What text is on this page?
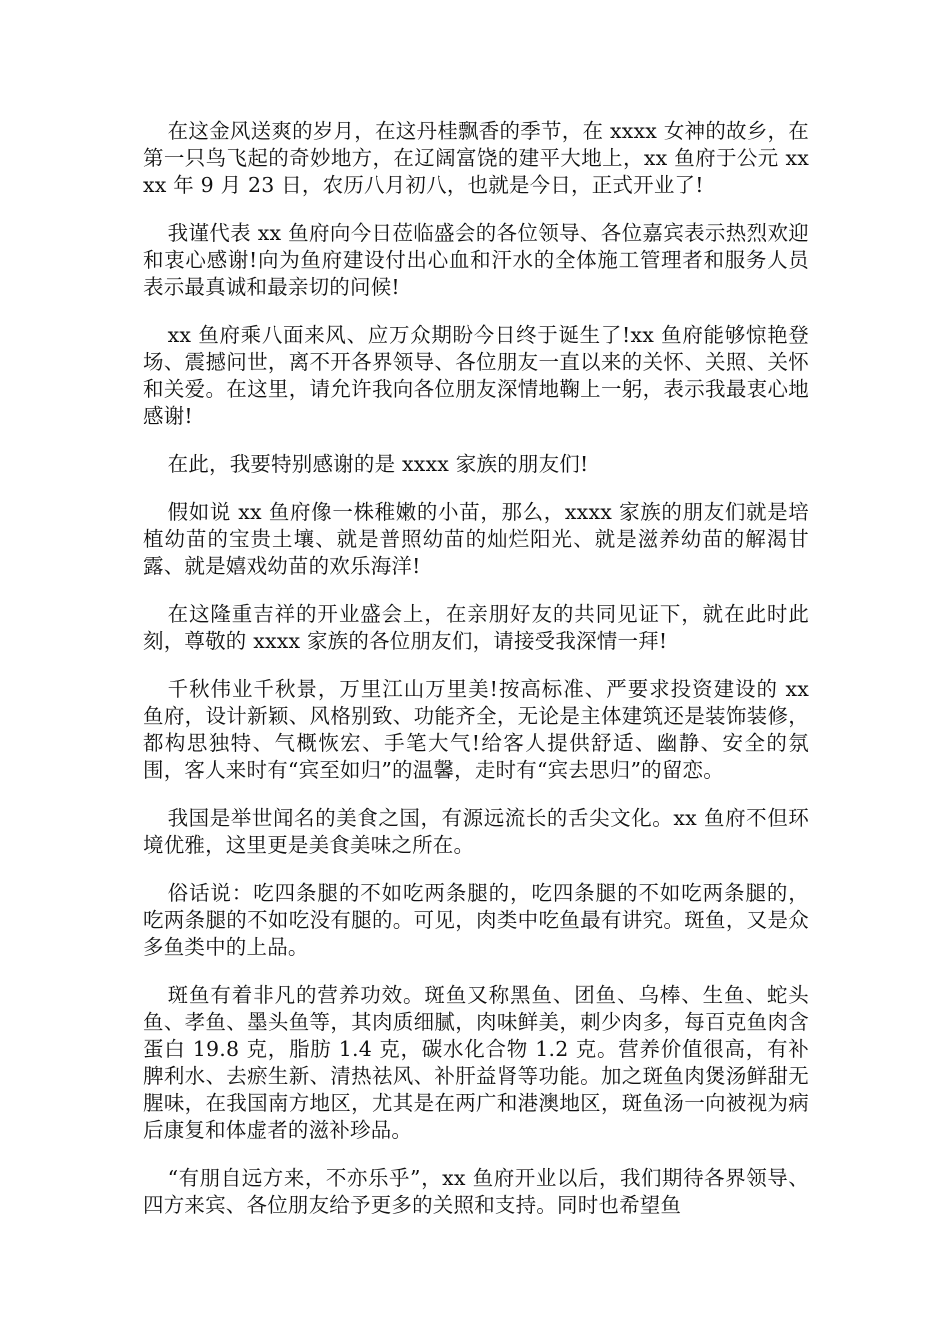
在这金风送爽的岁月，在这丹桂飘香的季节，在 xxxx 女神的故乡，在第一只鸟飞起的奇妙地方，在辽阔富饶的建平大地上，xx 鱼府于公元 xxxx 年 9 月 23 日，农历八月初八，也就是今日，正式开业了!

我谨代表 xx 鱼府向今日莅临盛会的各位领导、各位嘉宾表示热烈欢迎和衷心感谢!向为鱼府建设付出心血和汗水的全体施工管理者和服务人员表示最真诚和最亲切的问候!

xx 鱼府乘八面来风、应万众期盼今日终于诞生了!xx 鱼府能够惊艳登场、震撼问世，离不开各界领导、各位朋友一直以来的关怀、关照、关怀和关爱。在这里，请允许我向各位朋友深情地鞠上一躬，表示我最衷心地感谢!

在此，我要特别感谢的是 xxxx 家族的朋友们!

假如说 xx 鱼府像一株稚嫩的小苗，那么，xxxx 家族的朋友们就是培植幼苗的宝贵土壤、就是普照幼苗的灿烂阳光、就是滋养幼苗的解渴甘露、就是嬉戏幼苗的欢乐海洋!

在这隆重吉祥的开业盛会上，在亲朋好友的共同见证下，就在此时此刻，尊敬的 xxxx 家族的各位朋友们，请接受我深情一拜!

千秋伟业千秋景，万里江山万里美!按高标准、严要求投资建设的 xx 鱼府，设计新颖、风格别致、功能齐全，无论是主体建筑还是装饰装修，都构思独特、气概恢宏、手笔大气!给客人提供舒适、幽静、安全的氛围，客人来时有“宾至如归”的温馨，走时有“宾去思归”的留恋。

我国是举世闻名的美食之国，有源远流长的舌尖文化。xx 鱼府不但环境优雅，这里更是美食美味之所在。

俗话说：吃四条腿的不如吃两条腿的，吃四条腿的不如吃两条腿的，吃两条腿的不如吃没有腿的。可见，肉类中吃鱼最有讲究。斑鱼，又是众多鱼类中的上品。

斑鱼有着非凡的营养功效。斑鱼又称黑鱼、团鱼、乌棒、生鱼、蛇头鱼、孝鱼、墨头鱼等，其肉质细腻，肉味鲜美，刺少肉多，每百克鱼肉含蛋白 19.8 克，脂肪 1.4 克，碳水化合物 1.2 克。营养价值很高，有补脾利水、去瘀生新、清热祛风、补肝益肾等功能。加之斑鱼肉煲汤鲜甜无腥味，在我国南方地区，尤其是在两广和港澳地区，斑鱼汤一向被视为病后康复和体虚者的滋补珍品。

“有朋自远方来，不亦乐乎”，xx 鱼府开业以后，我们期待各界领导、四方来宾、各位朋友给予更多的关照和支持。同时也希望鱼
